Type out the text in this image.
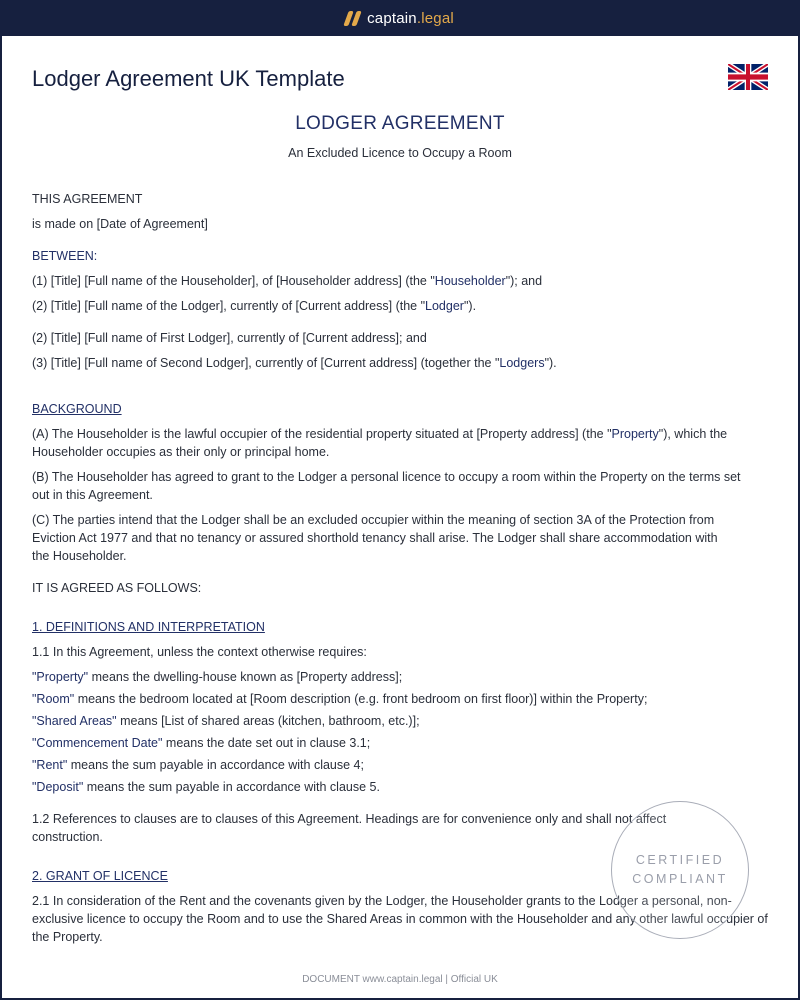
captain.legal
Lodger Agreement UK Template
LODGER AGREEMENT
An Excluded Licence to Occupy a Room
THIS AGREEMENT
is made on [Date of Agreement]
BETWEEN:
(1) [Title] [Full name of the Householder], of [Householder address] (the "Householder"); and
(2) [Title] [Full name of the Lodger], currently of [Current address] (the "Lodger").
(2) [Title] [Full name of First Lodger], currently of [Current address]; and
(3) [Title] [Full name of Second Lodger], currently of [Current address] (together the "Lodgers").
BACKGROUND
(A) The Householder is the lawful occupier of the residential property situated at [Property address] (the "Property"), which the Householder occupies as their only or principal home.
(B) The Householder has agreed to grant to the Lodger a personal licence to occupy a room within the Property on the terms set out in this Agreement.
(C) The parties intend that the Lodger shall be an excluded occupier within the meaning of section 3A of the Protection from Eviction Act 1977 and that no tenancy or assured shorthold tenancy shall arise. The Lodger shall share accommodation with the Householder.
IT IS AGREED AS FOLLOWS:
1. DEFINITIONS AND INTERPRETATION
1.1 In this Agreement, unless the context otherwise requires:
"Property" means the dwelling-house known as [Property address];
"Room" means the bedroom located at [Room description (e.g. front bedroom on first floor)] within the Property;
"Shared Areas" means [List of shared areas (kitchen, bathroom, etc.)];
"Commencement Date" means the date set out in clause 3.1;
"Rent" means the sum payable in accordance with clause 4;
"Deposit" means the sum payable in accordance with clause 5.
1.2 References to clauses are to clauses of this Agreement. Headings are for convenience only and shall not affect construction.
2. GRANT OF LICENCE
2.1 In consideration of the Rent and the covenants given by the Lodger, the Householder grants to the Lodger a personal, non-exclusive licence to occupy the Room and to use the Shared Areas in common with the Householder and any other lawful occupier of the Property.
CERTIFIED
COMPLIANT
DOCUMENT www.captain.legal | Official UK
